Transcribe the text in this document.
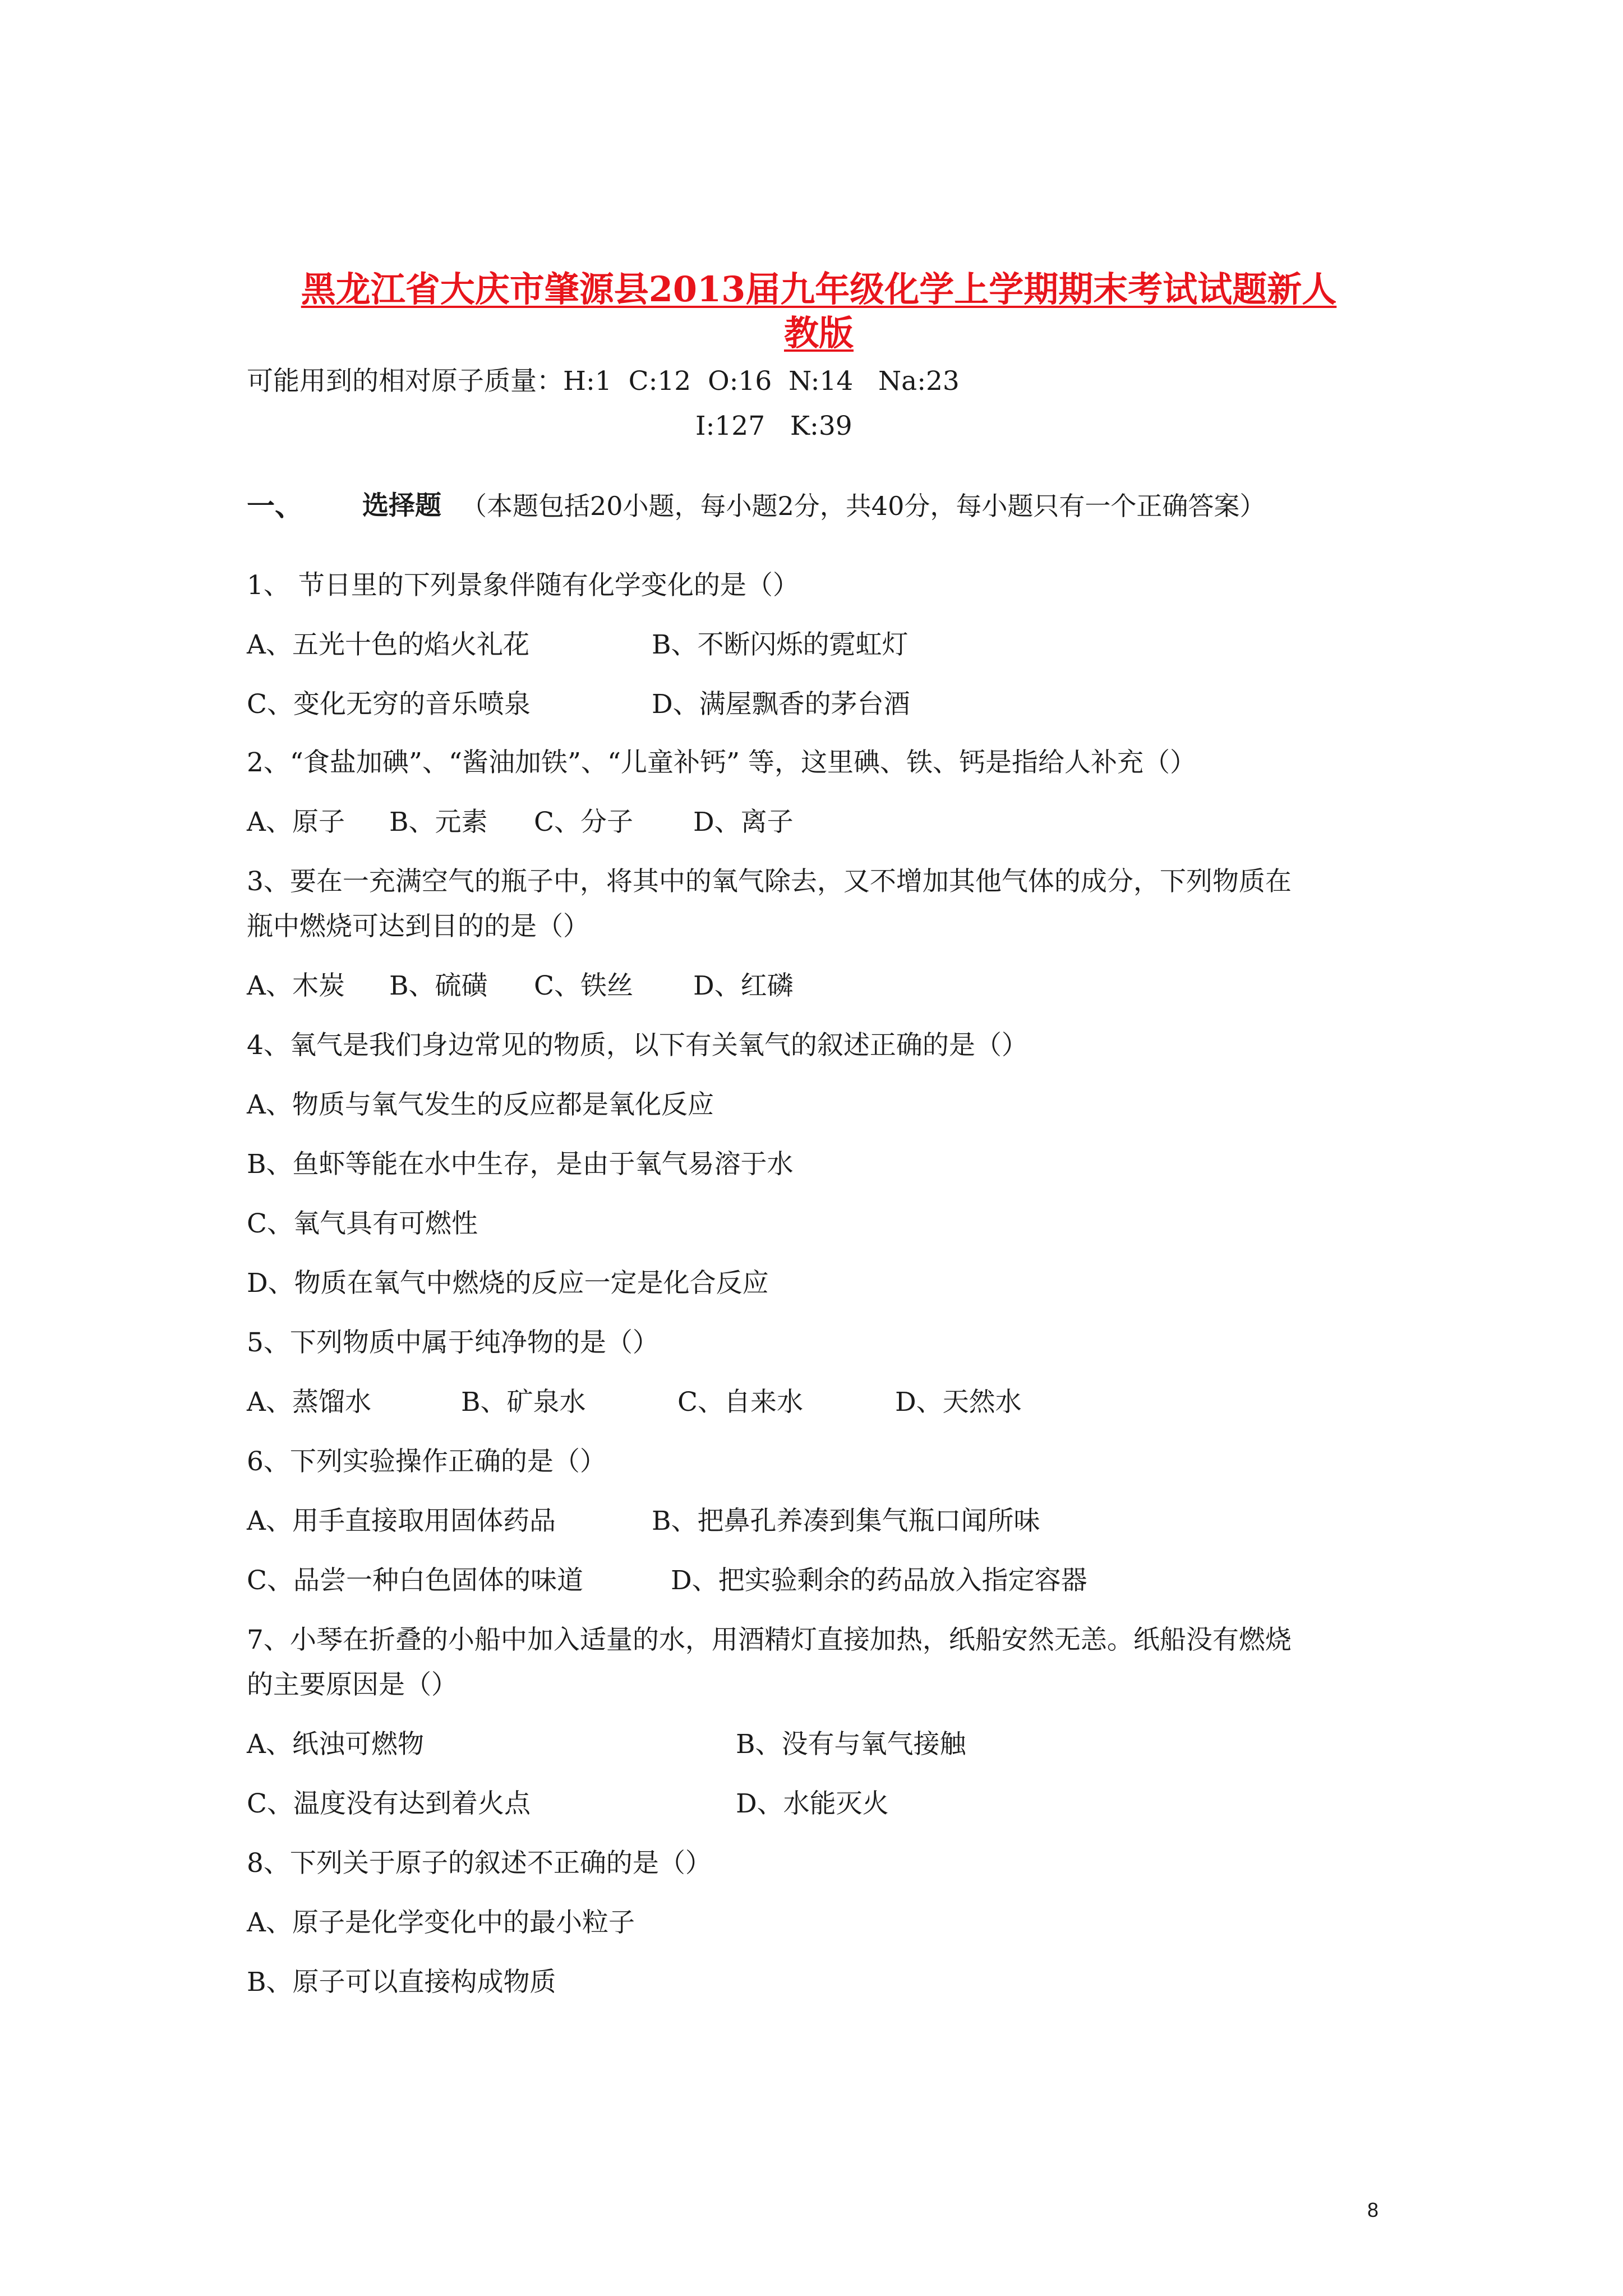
黑龙江省大庆市肇源县2013届九年级化学上学期期末考试试题新人
教版

可能用到的相对原子质量：H:1  C:12  O:16  N:14   Na:23

I:127   K:39

一、 选择题 （本题包括20小题，每小题2分，共40分，每小题只有一个正确答案）

1、 节日里的下列景象伴随有化学变化的是（）

A、五光十色的焰火礼花	B、不断闪烁的霓虹灯
C、变化无穷的音乐喷泉	D、满屋飘香的茅台酒

2、“食盐加碘”、“酱油加铁”、“儿童补钙” 等，这里碘、铁、钙是指给人补充（）

A、原子 B、元素 C、分子 D、离子

3、要在一充满空气的瓶子中，将其中的氧气除去，又不增加其他气体的成分，下列物质在

瓶中燃烧可达到目的的是（）

A、木炭 B、硫磺 C、铁丝 D、红磷

4、氧气是我们身边常见的物质，以下有关氧气的叙述正确的是（）

A、物质与氧气发生的反应都是氧化反应
B、鱼虾等能在水中生存，是由于氧气易溶于水
C、氧气具有可燃性
D、物质在氧气中燃烧的反应一定是化合反应

5、下列物质中属于纯净物的是（）

A、蒸馏水	B、矿泉水	C、自来水	D、天然水

6、下列实验操作正确的是（）

A、用手直接取用固体药品	B、把鼻孔养凑到集气瓶口闻所味
C、品尝一种白色固体的味道	D、把实验剩余的药品放入指定容器

7、小琴在折叠的小船中加入适量的水，用酒精灯直接加热，纸船安然无恙。纸船没有燃烧

的主要原因是（）

A、纸浊可燃物	B、没有与氧气接触
C、温度没有达到着火点	D、水能灭火

8、下列关于原子的叙述不正确的是（）

A、原子是化学变化中的最小粒子
B、原子可以直接构成物质
8
